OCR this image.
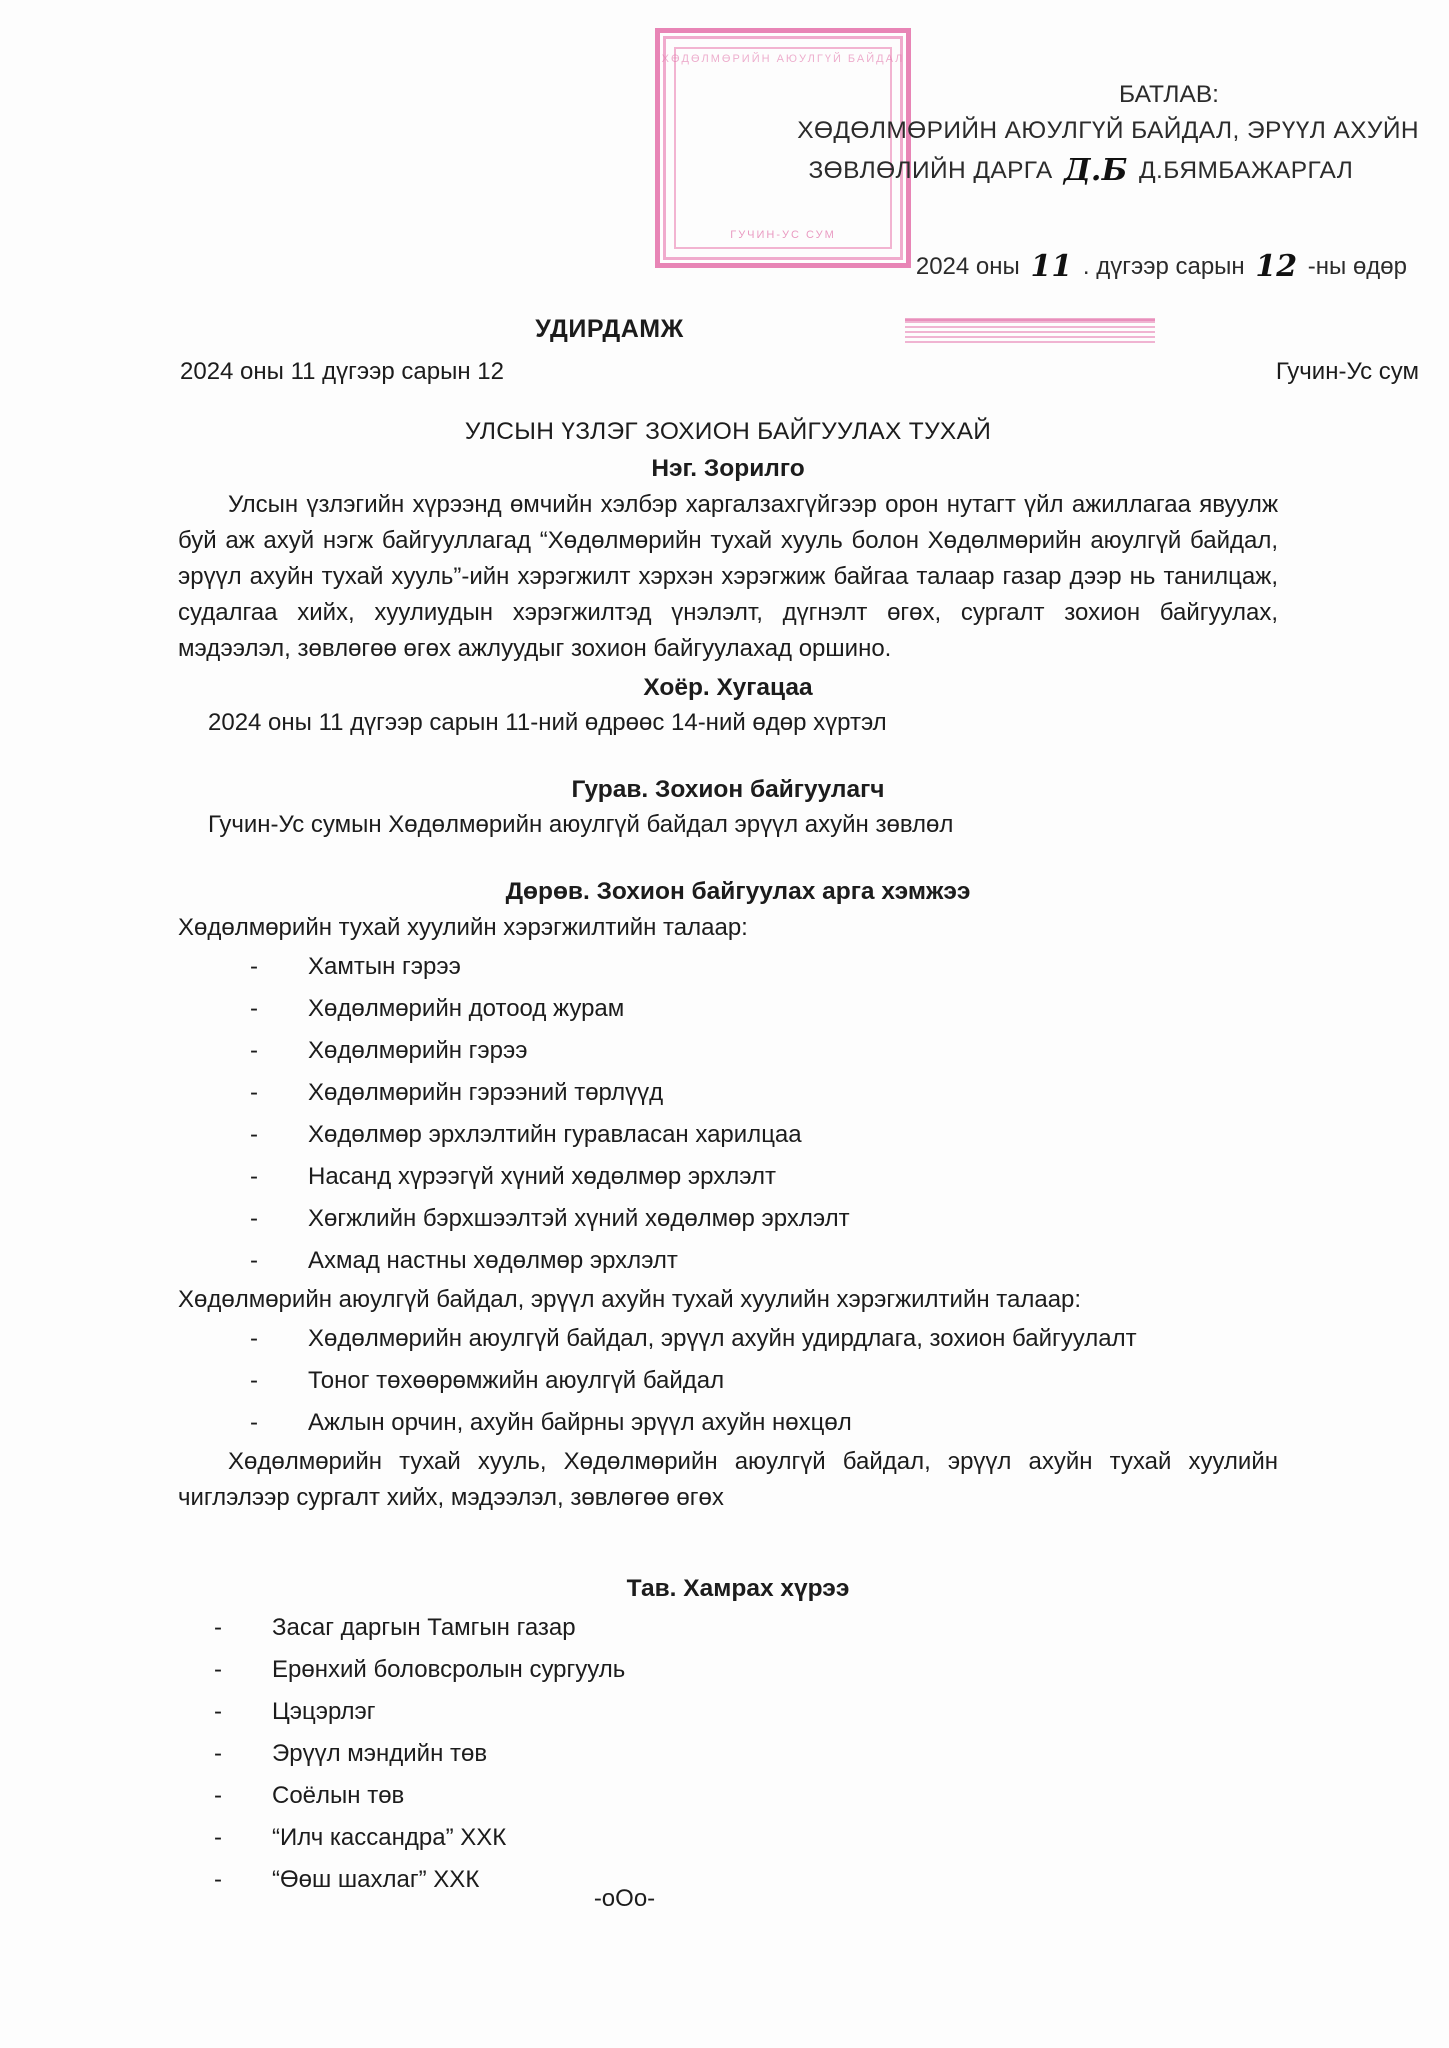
ХӨДӨЛМӨРИЙН АЮУЛГҮЙ БАЙДАЛ
ГУЧИН-УС СУМ
БАТЛАВ:
ХӨДӨЛМӨРИЙН АЮУЛГҮЙ БАЙДАЛ, ЭРҮҮЛ АХУЙН
ЗӨВЛӨЛИЙН ДАРГА Д.Б Д.БЯМБАЖАРГАЛ
2024 оны 11 . дүгээр сарын 12 -ны өдөр
УДИРДАМЖ
2024 оны 11 дүгээр сарын 12	Гучин-Ус сум
УЛСЫН ҮЗЛЭГ ЗОХИОН БАЙГУУЛАХ ТУХАЙ
Нэг. Зорилго

Улсын үзлэгийн хүрээнд өмчийн хэлбэр харгалзахгүйгээр орон нутагт үйл ажиллагаа явуулж буй аж ахуй нэгж байгууллагад “Хөдөлмөрийн тухай хууль болон Хөдөлмөрийн аюулгүй байдал, эрүүл ахуйн тухай хууль”-ийн хэрэгжилт хэрхэн хэрэгжиж байгаа талаар газар дээр нь танилцаж, судалгаа хийх, хуулиудын хэрэгжилтэд үнэлэлт, дүгнэлт өгөх, сургалт зохион байгуулах, мэдээлэл, зөвлөгөө өгөх ажлуудыг зохион байгуулахад оршино.

Хоёр. Хугацаа
2024 оны 11 дүгээр сарын 11-ний өдрөөс 14-ний өдөр хүртэл
Гурав. Зохион байгуулагч
Гучин-Ус сумын Хөдөлмөрийн аюулгүй байдал эрүүл ахуйн зөвлөл
Дөрөв. Зохион байгуулах арга хэмжээ
Хөдөлмөрийн тухай хуулийн хэрэгжилтийн талаар:
- Хамтын гэрээ
- Хөдөлмөрийн дотоод журам
- Хөдөлмөрийн гэрээ
- Хөдөлмөрийн гэрээний төрлүүд
- Хөдөлмөр эрхлэлтийн гуравласан харилцаа
- Насанд хүрээгүй хүний хөдөлмөр эрхлэлт
- Хөгжлийн бэрхшээлтэй хүний хөдөлмөр эрхлэлт
- Ахмад настны хөдөлмөр эрхлэлт
Хөдөлмөрийн аюулгүй байдал, эрүүл ахуйн тухай хуулийн хэрэгжилтийн талаар:
- Хөдөлмөрийн аюулгүй байдал, эрүүл ахуйн удирдлага, зохион байгуулалт
- Тоног төхөөрөмжийн аюулгүй байдал
- Ажлын орчин, ахуйн байрны эрүүл ахуйн нөхцөл

Хөдөлмөрийн тухай хууль, Хөдөлмөрийн аюулгүй байдал, эрүүл ахуйн тухай хуулийн чиглэлээр сургалт хийх, мэдээлэл, зөвлөгөө өгөх

Тав. Хамрах хүрээ
- Засаг даргын Тамгын газар
- Ерөнхий боловсролын сургууль
- Цэцэрлэг
- Эрүүл мэндийн төв
- Соёлын төв
- “Илч кассандра” ХХК
- “Өөш шахлаг” ХХК
-оОо-
